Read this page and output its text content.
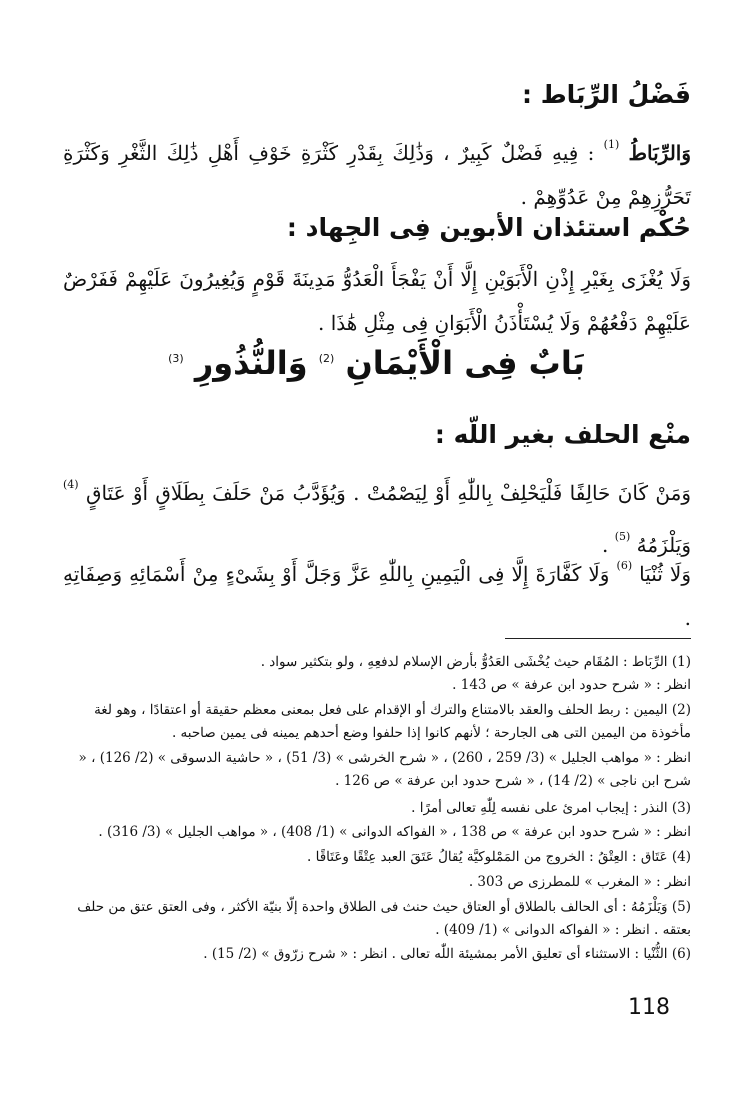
فَضْلُ الرِّبَاط :
وَالرِّبَاطُ $^{(1)}$ : فِيهِ فَضْلٌ كَبِيرٌ ، وَذَٰلِكَ بِقَدْرِ كَثْرَةِ خَوْفِ أَهْلِ ذَٰلِكَ الثَّغْرِ وَكَثْرَةِ تَحَرُّزِهِمْ مِنْ عَدُوِّهِمْ .
حُكْم استئذان الأبوين فِى الجِهاد :
وَلَا يُغْزَى بِغَيْرِ إِذْنِ الْأَبَوَيْنِ إِلَّا أَنْ يَفْجَأَ الْعَدُوُّ مَدِينَةَ قَوْمٍ وَيُغِيرُونَ عَلَيْهِمْ فَفَرْضٌ عَلَيْهِمْ دَفْعُهُمْ وَلَا يُسْتَأْذَنُ الْأَبَوَانِ فِى مِثْلِ هَٰذَا .
بَابٌ فِى الْأَيْمَانِ $^{(2)}$ وَالنُّذُورِ $^{(3)}$
منْع الحلف بغير اللّه :
وَمَنْ كَانَ حَالِفًا فَلْيَحْلِفْ بِاللّٰهِ أَوْ لِيَصْمُتْ . وَيُؤَدَّبُ مَنْ حَلَفَ بِطَلَاقٍ أَوْ عَتَاقٍ $^{(4)}$ وَيَلْزَمُهُ $^{(5)}$ .
وَلَا ثُنْيَا $^{(6)}$ وَلَا كَفَّارَةَ إِلَّا فِى الْيَمِينِ بِاللّٰهِ عَزَّ وَجَلَّ أَوْ بِشَىْءٍ مِنْ أَسْمَائِهِ وَصِفَاتِهِ .
(1) الرِّبَاط : المُقَام حيث يُخْشَى العَدُوُّ بأرض الإسلام لدفعِهِ ، ولو بتكثير سواد .
انظر : « شرح حدود ابن عرفة » ص 143 .
(2) اليمين : ربط الحلف والعقد بالامتناع والترك أو الإقدام على فعل بمعنى معظم حقيقة أو اعتقادًا ، وهو لغة مأخوذة من اليمين التى هى الجارحة ؛ لأنهم كانوا إذا حلفوا وضع أحدهم يمينه فى يمين صاحبه .
انظر : « مواهب الجليل » (3/ 259 ، 260) ، « شرح الخرشى » (3/ 51) ، « حاشية الدسوقى » (2/ 126) ، « شرح ابن ناجى » (2/ 14) ، « شرح حدود ابن عرفة » ص 126 .
(3) النذر : إيجاب امرئ على نفسه لِلّٰهِ تعالى أمرًا .
انظر : « شرح حدود ابن عرفة » ص 138 ، « الفواكه الدوانى » (1/ 408) ، « مواهب الجليل » (3/ 316) .
(4) عَتَاق : العِتْقُ : الخروج من المَمْلوكيَّة يُقالُ عَتَقَ العبد عِتْقًا وعَتَاقًا .
انظر : « المغرب » للمطرزى ص 303 .
(5) وَيَلْزَمُهُ : أى الحالف بالطلاق أو العتاق حيث حنث فى الطلاق واحدة إلّا بنيّة الأكثر ، وفى العتق عتق من حلف بعتقه . انظر : « الفواكه الدوانى » (1/ 409) .
(6) الثُّنْيا : الاستثناء أى تعليق الأمر بمشيئة اللّٰه تعالى . انظر : « شرح زرّوق » (2/ 15) .
118
